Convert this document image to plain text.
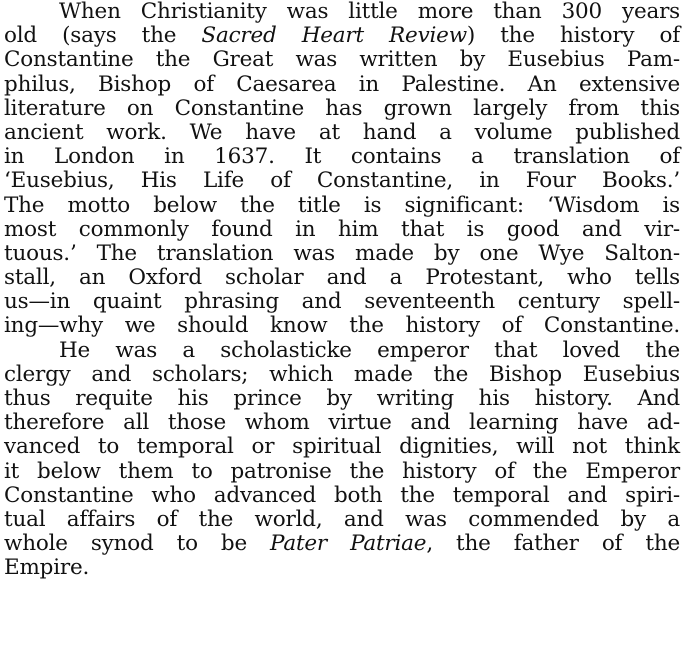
When Christianity was little more than 300 years
old (says the Sacred Heart Review) the history of
Constantine the Great was written by Eusebius Pam-
philus, Bishop of Caesarea in Palestine. An extensive
literature on Constantine has grown largely from this
ancient work. We have at hand a volume published
in London in 1637. It contains a translation of
‘Eusebius, His Life of Constantine, in Four Books.’
The motto below the title is significant: ‘Wisdom is
most commonly found in him that is good and vir-
tuous.’ The translation was made by one Wye Salton-
stall, an Oxford scholar and a Protestant, who tells
us—in quaint phrasing and seventeenth century spell-
ing—why we should know the history of Constantine.
He was a scholasticke emperor that loved the
clergy and scholars; which made the Bishop Eusebius
thus requite his prince by writing his history. And
therefore all those whom virtue and learning have ad-
vanced to temporal or spiritual dignities, will not think
it below them to patronise the history of the Emperor
Constantine who advanced both the temporal and spiri-
tual affairs of the world, and was commended by a
whole synod to be Pater Patriae, the father of the
Empire.
